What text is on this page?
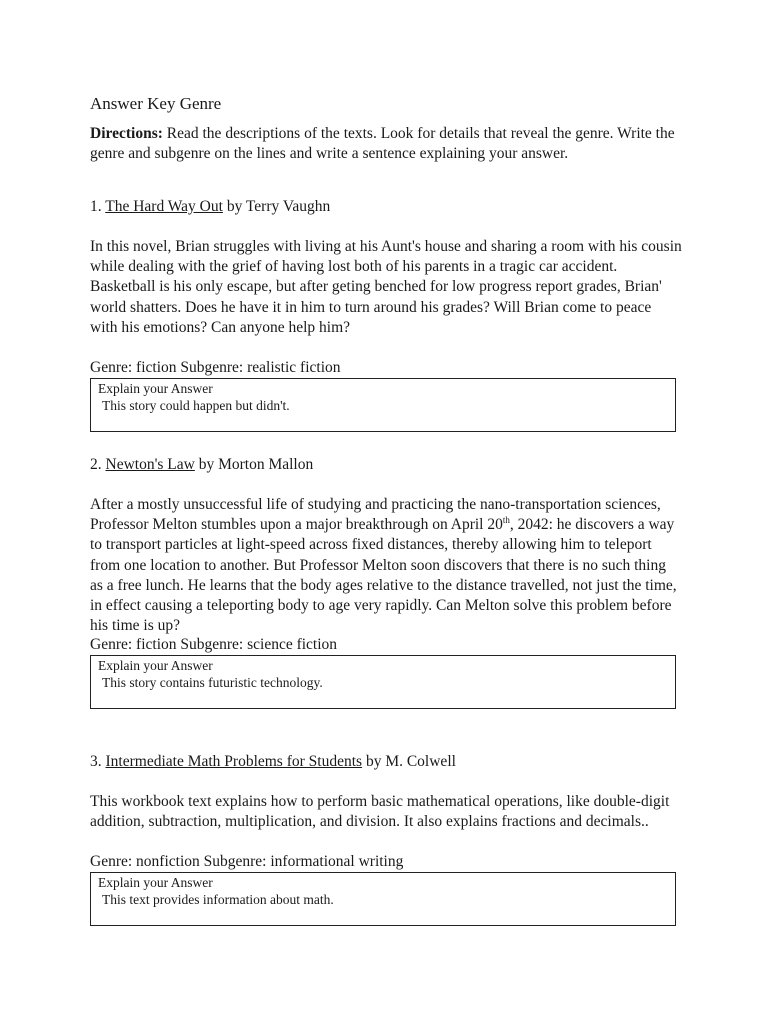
Answer Key Genre

Directions: Read the descriptions of the texts. Look for details that reveal the genre. Write the genre and subgenre on the lines and write a sentence explaining your answer.

1. The Hard Way Out by Terry Vaughn

In this novel, Brian struggles with living at his Aunt's house and sharing a room with his cousin while dealing with the grief of having lost both of his parents in a tragic car accident. Basketball is his only escape, but after geting benched for low progress report grades, Brian' world shatters. Does he have it in him to turn around his grades? Will Brian come to peace with his emotions? Can anyone help him?

Genre: fiction Subgenre: realistic fiction

Explain your Answer
This story could happen but didn't.

2. Newton's Law by Morton Mallon

After a mostly unsuccessful life of studying and practicing the nano-transportation sciences, Professor Melton stumbles upon a major breakthrough on April 20th, 2042: he discovers a way to transport particles at light-speed across fixed distances, thereby allowing him to teleport from one location to another. But Professor Melton soon discovers that there is no such thing as a free lunch. He learns that the body ages relative to the distance travelled, not just the time, in effect causing a teleporting body to age very rapidly. Can Melton solve this problem before his time is up?

Genre: fiction Subgenre: science fiction

Explain your Answer
This story contains futuristic technology.

3. Intermediate Math Problems for Students by M. Colwell

This workbook text explains how to perform basic mathematical operations, like double-digit addition, subtraction, multiplication, and division. It also explains fractions and decimals..

Genre: nonfiction Subgenre: informational writing

Explain your Answer
This text provides information about math.
